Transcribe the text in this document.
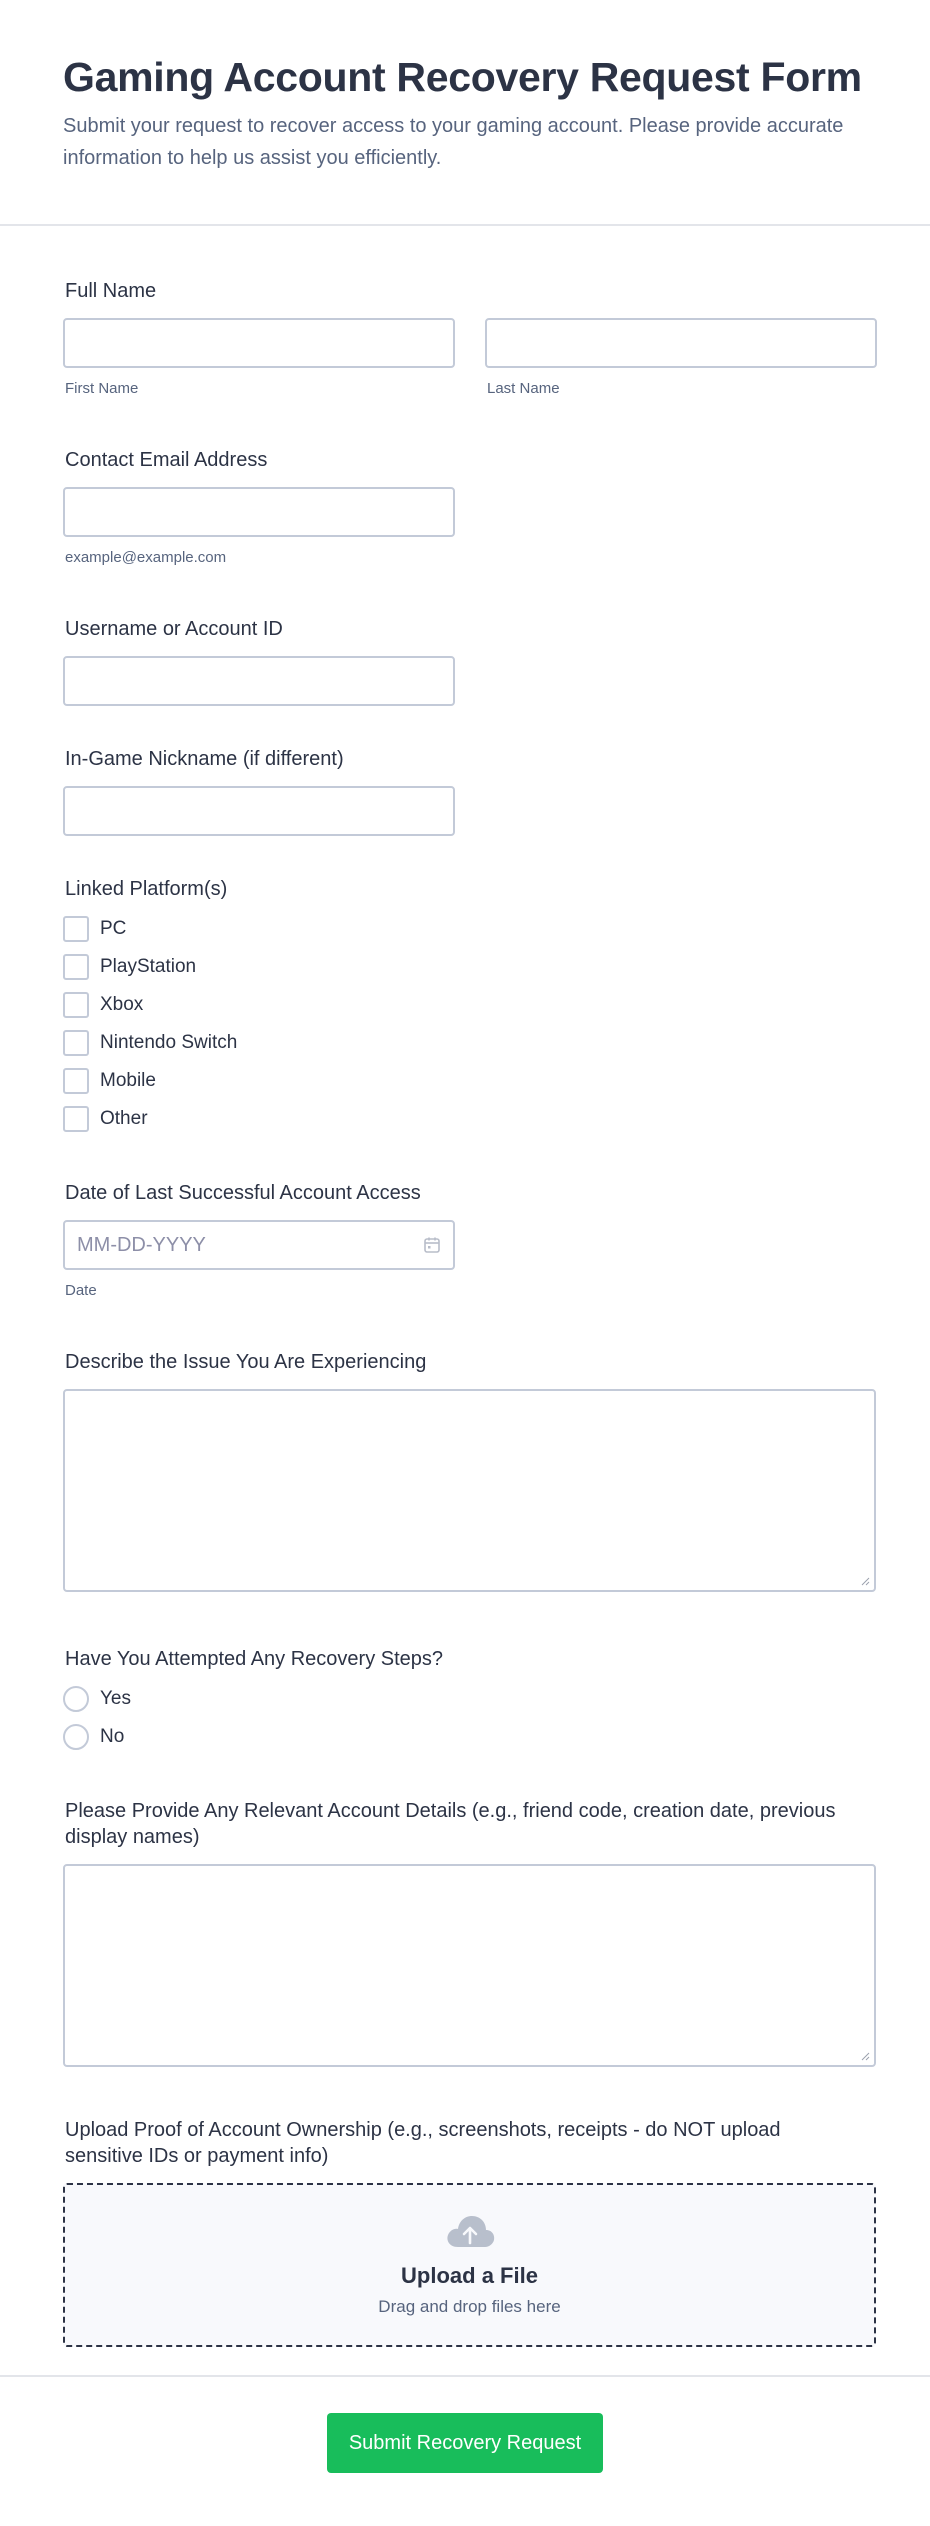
Gaming Account Recovery Request Form

Submit your request to recover access to your gaming account. Please provide accurate information to help us assist you efficiently.

Full Name
First Name	Last Name
Contact Email Address
example@example.com
Username or Account ID
In-Game Nickname (if different)
Linked Platform(s)
PC
PlayStation
Xbox
Nintendo Switch
Mobile
Other
Date of Last Successful Account Access
MM-DD-YYYY
Date
Describe the Issue You Are Experiencing
Have You Attempted Any Recovery Steps?
Yes
No
Please Provide Any Relevant Account Details (e.g., friend code, creation date, previous display names)
Upload Proof of Account Ownership (e.g., screenshots, receipts - do NOT upload sensitive IDs or payment info)
Upload a File
Drag and drop files here
Submit Recovery Request
